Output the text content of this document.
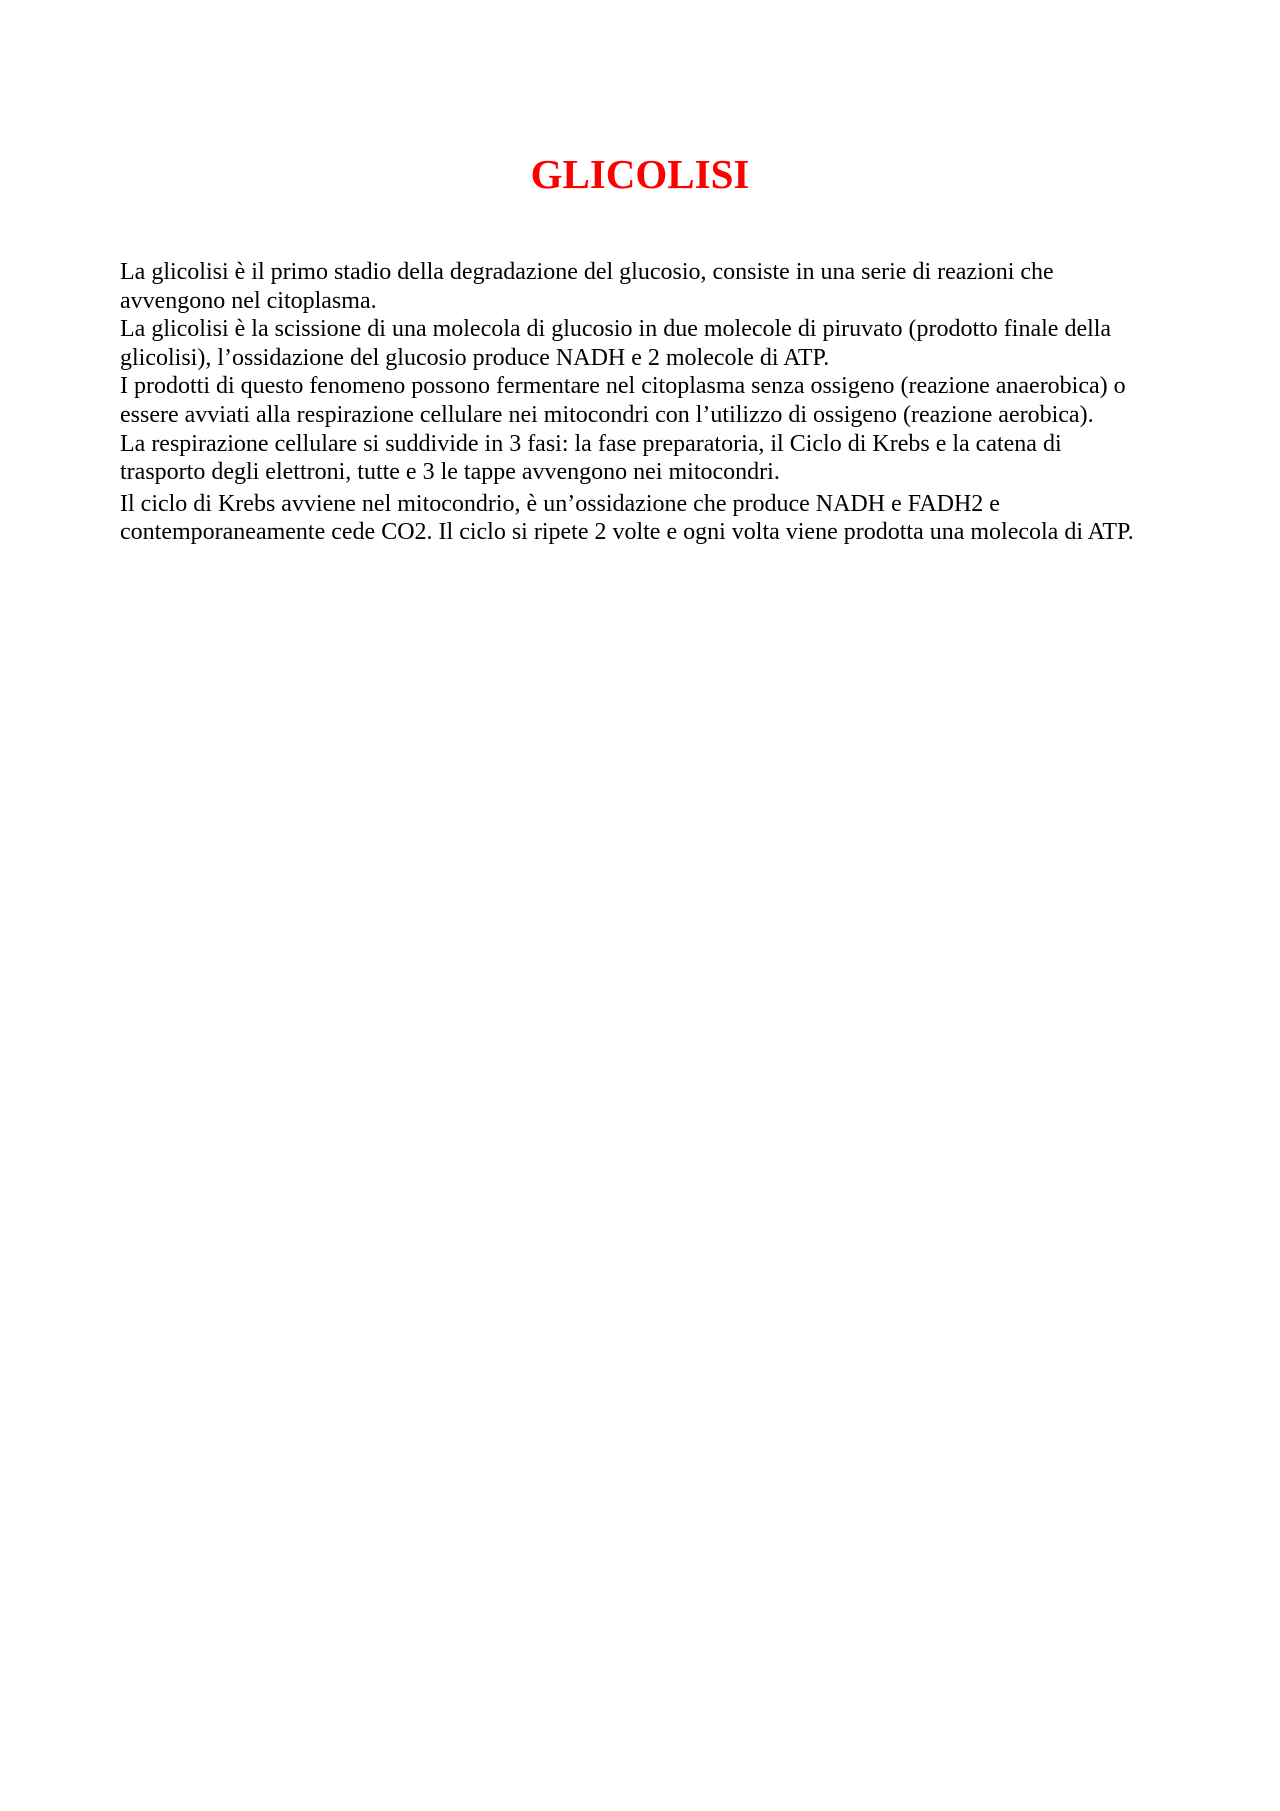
GLICOLISI

La glicolisi è il primo stadio della degradazione del glucosio, consiste in una serie di reazioni che avvengono nel citoplasma.

La glicolisi è la scissione di una molecola di glucosio in due molecole di piruvato (prodotto finale della glicolisi), l’ossidazione del glucosio produce NADH e 2 molecole di ATP.

I prodotti di questo fenomeno possono fermentare nel citoplasma senza ossigeno (reazione anaerobica) o essere avviati alla respirazione cellulare nei mitocondri con l’utilizzo di ossigeno (reazione aerobica).

La respirazione cellulare si suddivide in 3 fasi: la fase preparatoria, il Ciclo di Krebs e la catena di trasporto degli elettroni, tutte e 3 le tappe avvengono nei mitocondri.

Il ciclo di Krebs avviene nel mitocondrio, è un’ossidazione che produce NADH e FADH2 e contemporaneamente cede CO2. Il ciclo si ripete 2 volte e ogni volta viene prodotta una molecola di ATP.
